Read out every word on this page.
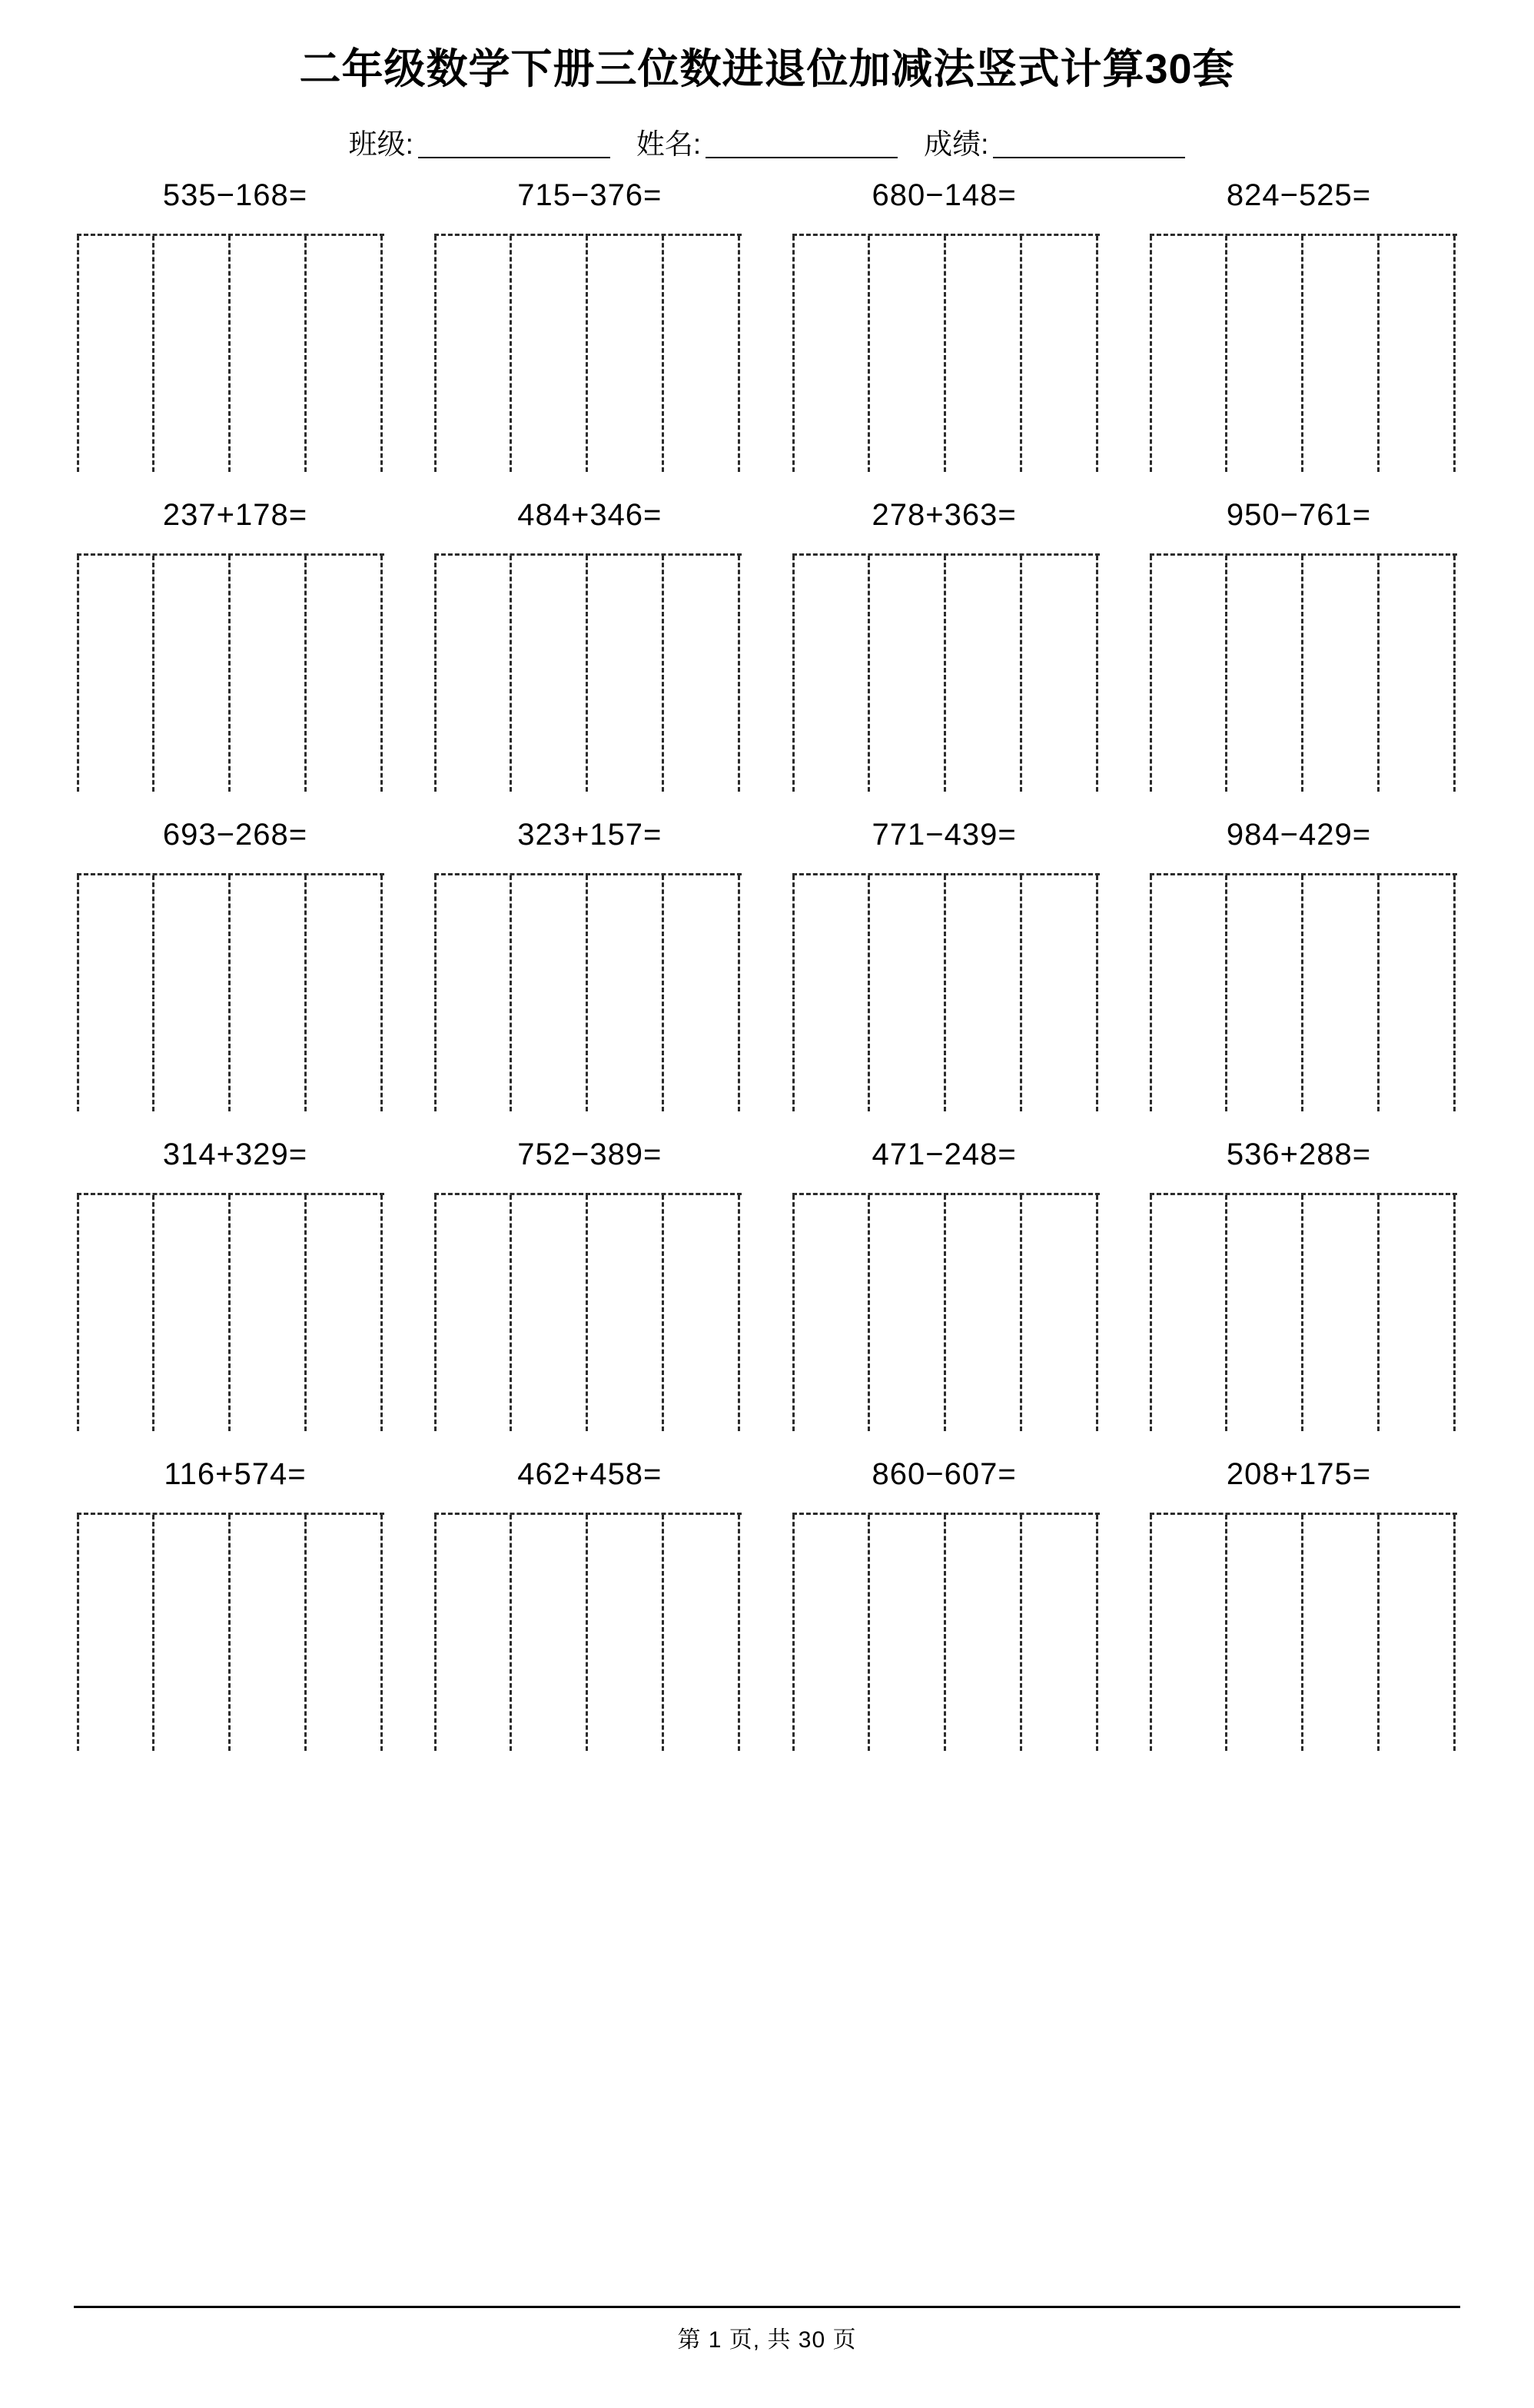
二年级数学下册三位数进退位加减法竖式计算30套
班级:	姓名:	成绩:
535−168=	715−376=	680−148=	824−525=
237+178=	484+346=	278+363=	950−761=
693−268=	323+157=	771−439=	984−429=
314+329=	752−389=	471−248=	536+288=
116+574=	462+458=	860−607=	208+175=
第 1 页, 共 30 页
